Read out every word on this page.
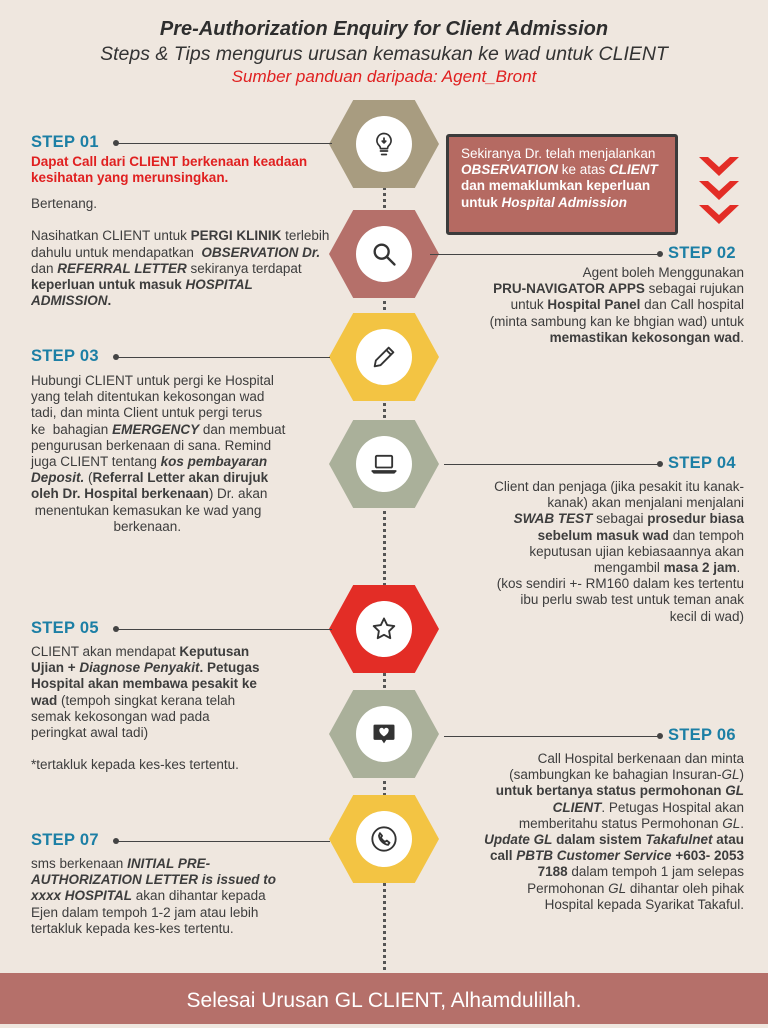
Pre-Authorization Enquiry for Client Admission
Steps & Tips mengurus urusan kemasukan ke wad untuk CLIENT
Sumber panduan daripada: Agent_Bront
Sekiranya Dr. telah menjalankan OBSERVATION ke atas CLIENT dan memaklumkan keperluan untuk Hospital Admission
STEP 01
Dapat Call dari CLIENT berkenaan keadaan kesihatan yang merunsingkan.
Bertenang.

Nasihatkan CLIENT untuk PERGI KLINIK terlebih dahulu untuk mendapatkan  OBSERVATION Dr. dan REFERRAL LETTER sekiranya terdapat keperluan untuk masuk HOSPITAL ADMISSION.
STEP 02
Agent boleh Menggunakan
PRU-NAVIGATOR APPS sebagai rujukan
untuk Hospital Panel dan Call hospital
(minta sambung kan ke bhgian wad) untuk
memastikan kekosongan wad.
STEP 03
Hubungi CLIENT untuk pergi ke Hospital
yang telah ditentukan kekosongan wad
tadi, dan minta Client untuk pergi terus
ke  bahagian EMERGENCY dan membuat
pengurusan berkenaan di sana. Remind
juga CLIENT tentang kos pembayaran
Deposit. (Referral Letter akan dirujuk
oleh Dr. Hospital berkenaan) Dr. akan
menentukan kemasukan ke wad yang
berkenaan.
STEP 04
Client dan penjaga (jika pesakit itu kanak-
kanak) akan menjalani menjalani
SWAB TEST sebagai prosedur biasa
sebelum masuk wad dan tempoh
keputusan ujian kebiasaannya akan
mengambil masa 2 jam.
(kos sendiri +- RM160 dalam kes tertentu
ibu perlu swab test untuk teman anak
kecil di wad)
STEP 05
CLIENT akan mendapat Keputusan
Ujian + Diagnose Penyakit. Petugas
Hospital akan membawa pesakit ke
wad (tempoh singkat kerana telah
semak kekosongan wad pada
peringkat awal tadi)

*tertakluk kepada kes-kes tertentu.
STEP 06
Call Hospital berkenaan dan minta
(sambungkan ke bahagian Insuran-GL)
untuk bertanya status permohonan GL
CLIENT. Petugas Hospital akan
memberitahu status Permohonan GL.
Update GL dalam sistem Takafulnet atau
call PBTB Customer Service +603- 2053
7188 dalam tempoh 1 jam selepas
Permohonan GL dihantar oleh pihak
Hospital kepada Syarikat Takaful.
STEP 07
sms berkenaan INITIAL PRE-
AUTHORIZATION LETTER is issued to
xxxx HOSPITAL akan dihantar kepada
Ejen dalam tempoh 1-2 jam atau lebih
tertakluk kepada kes-kes tertentu.
Selesai Urusan GL CLIENT, Alhamdulillah.
